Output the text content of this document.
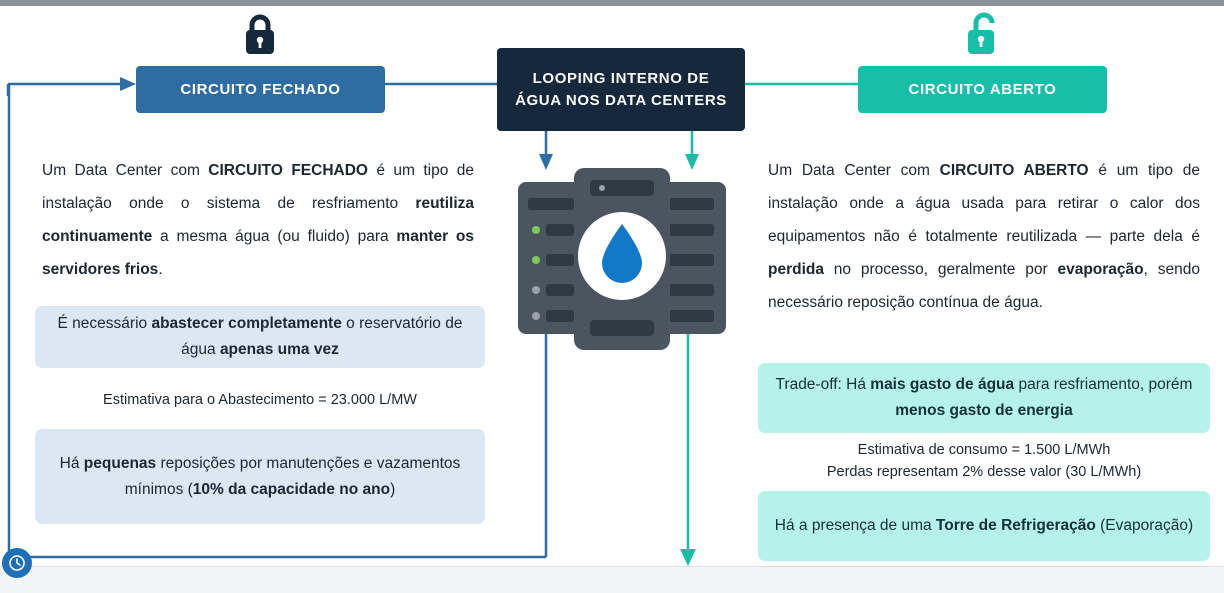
CIRCUITO FECHADO
LOOPING INTERNO DE
ÁGUA NOS DATA CENTERS
CIRCUITO ABERTO
Um Data Center com CIRCUITO FECHADO é um tipo de instalação onde o sistema de resfriamento reutiliza continuamente a mesma água (ou fluido) para manter os servidores frios.
É necessário abastecer completamente o reservatório de água apenas uma vez
Estimativa para o Abastecimento = 23.000 L/MW
Há pequenas reposições por manutenções e vazamentos mínimos (10% da capacidade no ano)
Um Data Center com CIRCUITO ABERTO é um tipo de instalação onde a água usada para retirar o calor dos equipamentos não é totalmente reutilizada — parte dela é perdida no processo, geralmente por evaporação, sendo necessário reposição contínua de água.
Trade-off: Há mais gasto de água para resfriamento, porém menos gasto de energia
Estimativa de consumo = 1.500 L/MWh
Perdas representam 2% desse valor (30 L/MWh)
Há a presença de uma Torre de Refrigeração (Evaporação)
